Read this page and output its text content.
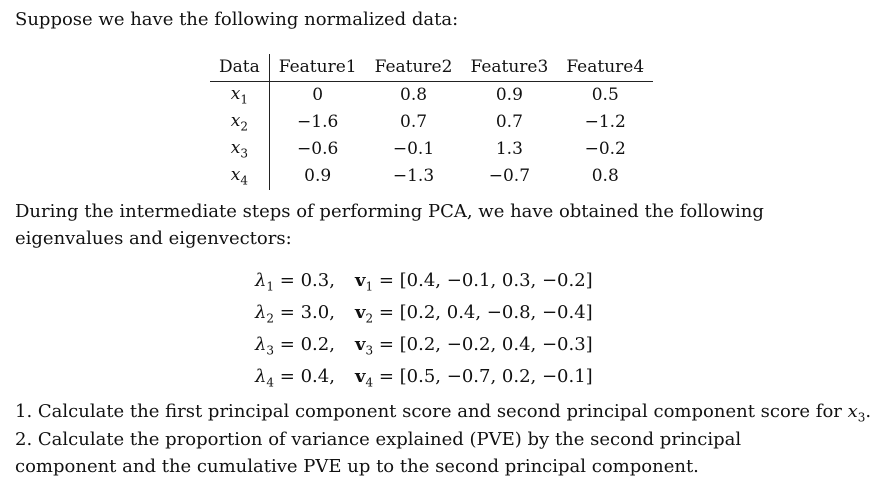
Suppose we have the following normalized data:
Data	Feature1	Feature2	Feature3	Feature4
$x_1$	0	0.8	0.9	0.5
$x_2$	−1.6	0.7	0.7	−1.2
$x_3$	−0.6	−0.1	1.3	−0.2
$x_4$	0.9	−1.3	−0.7	0.8
During the intermediate steps of performing PCA, we have obtained the following eigenvalues and eigenvectors:
$\lambda_1 = 0.3$,	$v_1 = [0.4$, −0.1, 0.3, −0.2]
$\lambda_2 = 3.0$,	$v_2 = [0.2$, 0.4, −0.8, −0.4]
$\lambda_3 = 0.2$,	$v_3 = [0.2$, −0.2, 0.4, −0.3]
$\lambda_4 = 0.4$,	$v_4 = [0.5$, −0.7, 0.2, −0.1]
1. Calculate the first principal component score and second principal component score for $x_3$.
2. Calculate the proportion of variance explained (PVE) by the second principal component and the cumulative PVE up to the second principal component.
